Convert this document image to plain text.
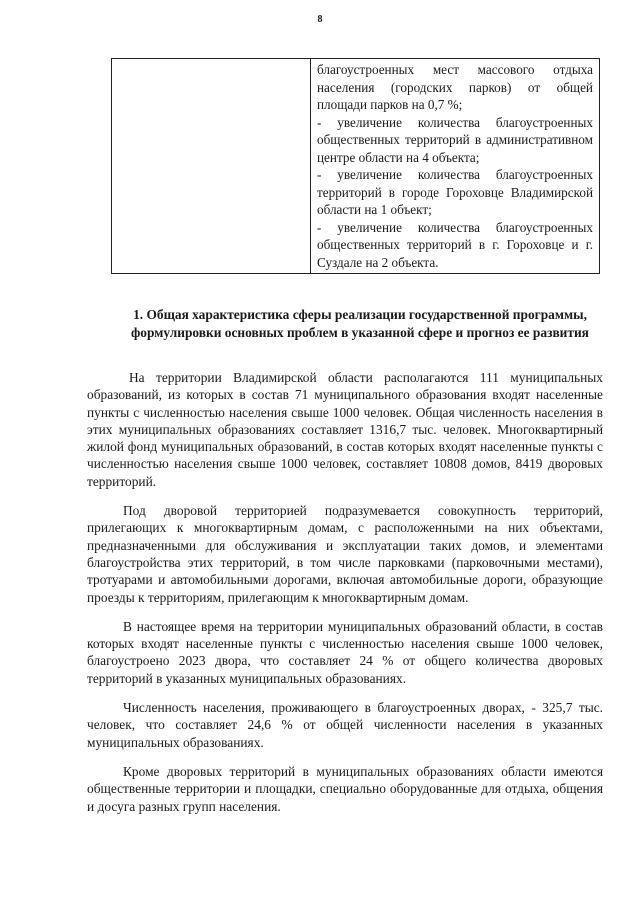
8

благоустроенных мест массового отдыха населения (городских парков) от общей площади парков на 0,7 %;
- увеличение количества благоустроенных общественных территорий в административном центре области на 4 объекта;
- увеличение количества благоустроенных территорий в городе Гороховце Владимирской области на 1 объект;
- увеличение количества благоустроенных общественных территорий в г. Гороховце и г. Суздале на 2 объекта.
1. Общая характеристика сферы реализации государственной программы, формулировки основных проблем в указанной сфере и прогноз ее развития

На территории Владимирской области располагаются 111 муниципальных образований, из которых в состав 71 муниципального образования входят населенные пункты с численностью населения свыше 1000 человек. Общая численность населения в этих муниципальных образованиях составляет 1316,7 тыс. человек. Многоквартирный жилой фонд муниципальных образований, в состав которых входят населенные пункты с численностью населения свыше 1000 человек, составляет 10808 домов, 8419 дворовых территорий.

Под дворовой территорией подразумевается совокупность территорий, прилегающих к многоквартирным домам, с расположенными на них объектами, предназначенными для обслуживания и эксплуатации таких домов, и элементами благоустройства этих территорий, в том числе парковками (парковочными местами), тротуарами и автомобильными дорогами, включая автомобильные дороги, образующие проезды к территориям, прилегающим к многоквартирным домам.

В настоящее время на территории муниципальных образований области, в состав которых входят населенные пункты с численностью населения свыше 1000 человек, благоустроено 2023 двора, что составляет 24 % от общего количества дворовых территорий в указанных муниципальных образованиях.

Численность населения, проживающего в благоустроенных дворах, - 325,7 тыс. человек, что составляет 24,6 % от общей численности населения в указанных муниципальных образованиях.

Кроме дворовых территорий в муниципальных образованиях области имеются общественные территории и площадки, специально оборудованные для отдыха, общения и досуга разных групп населения.
